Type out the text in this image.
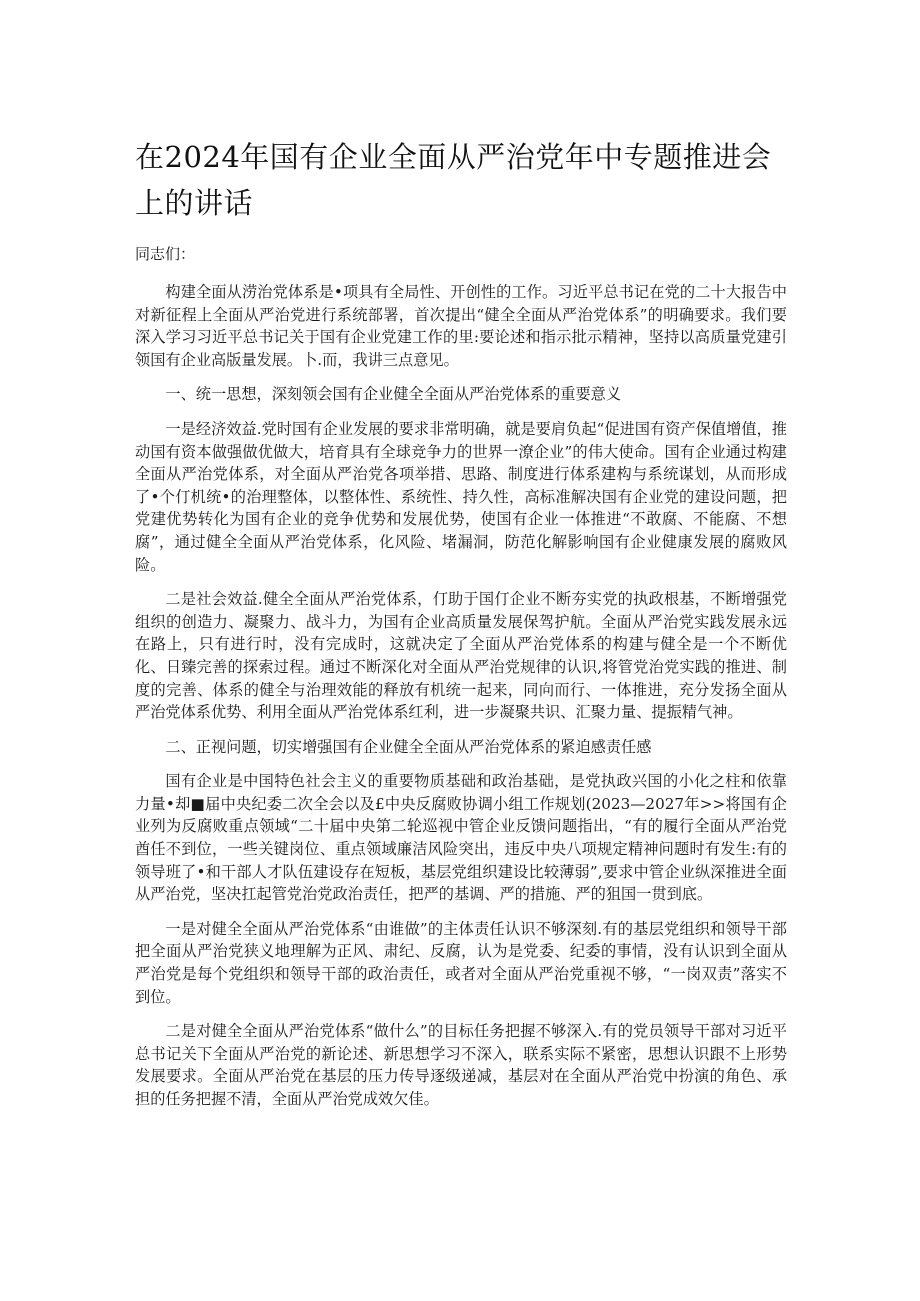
在2024年国有企业全面从严治党年中专题推进会上的讲话
同志们：

构建全面从涝治党体系是•项具有全局性、开创性的工作。习近平总书记在党的二十大报告中对新征程上全面从严治党进行系统部署，首次提出“健全全面从严治党体系”的明确要求。我们要深入学习习近平总书记关于国有企业党建工作的里:要论述和指示批示精神，坚持以高质量党建引领国有企业高版量发展。卜.而，我讲三点意见。

一、统一思想，深刻领会国有企业健全全面从严治党体系的重要意义

一是经济效益.党时国有企业发展的要求非常明确，就是要肩负起“促进国有资产保值增值，推动国有资本做强做优做大，培育具有全球竞争力的世界一潦企业”的伟大使命。国有企业通过构建全面从严治党体系，对全面从严治党各项举措、思路、制度进行体系建构与系统谋划，从而形成了•个仃机统•的治理整体，以整体性、系统性、持久性，高标准解决国有企业党的建设问题，把党建优势转化为国有企业的竞争优势和发展优势，使国有企业一体推进“不敢腐、不能腐、不想腐”，通过健全全面从严治党体系，化风险、堵漏洞，防范化解影响国有企业健康发展的腐败风险。

二是社会效益.健全全面从严治党体系，仃助于国仃企业不断夯实党的执政根基，不断增强党组织的创造力、凝聚力、战斗力，为国有企业高质量发展保驾护航。全面从严治党实践发展永远在路上，只有进行时，没有完成时，这就决定了全面从严治党体系的构建与健全是一个不断优化、日臻完善的探索过程。通过不断深化对全面从严治党规律的认识,将管党治党实践的推进、制度的完善、体系的健全与治理效能的释放有机统一起来，同向而行、一体推进，充分发扬全面从严治党体系优势、利用全面从严治党体系红利，进一步凝聚共识、汇聚力量、提振精气神。

二、正视问题，切实增强国有企业健全全面从严治党体系的紧迫感责任感

国有企业是中国特色社会主义的重要物质基础和政治基础，是党执政兴国的小化之柱和依靠力量•却■届中央纪委二次全会以及£中央反腐败协调小组工作规划(2023—2027年>>将国有企业列为反腐败重点领域“二十届中央第二轮巡视中管企业反馈问题指出，“有的履行全面从严治党酋任不到位，一些关键岗位、重点领域廉洁风险突出，违反中央八项规定精神问题时有发生:有的领导班了•和干部人才队伍建设存在短板，基层党组织建设比较薄弱”,要求中管企业纵深推进全面从严治党，坚决扛起管党治党政治责任，把严的基调、严的措施、严的狙国一贯到底。

一是对健全全面从严治党体系“由谁做”的主体责任认识不够深刻.有的基层党组织和领导干部把全面从严治党狭义地理解为正风、肃纪、反腐，认为是党委、纪委的事情，没有认识到全面从严治党是每个党组织和领导干部的政治责任，或者对全面从严治党重视不够，“一岗双责”落实不到位。

二是对健全全面从严治党体系“做什么”的目标任务把握不够深入.有的党员领导干部对习近平总书记关下全面从严治党的新论述、新思想学习不深入，联系实际不紧密，思想认识跟不上形势发展要求。全面从严治党在基层的压力传导逐级递减，基层对在全面从严治党中扮演的角色、承担的任务把握不清，全面从严治党成效欠佳。
